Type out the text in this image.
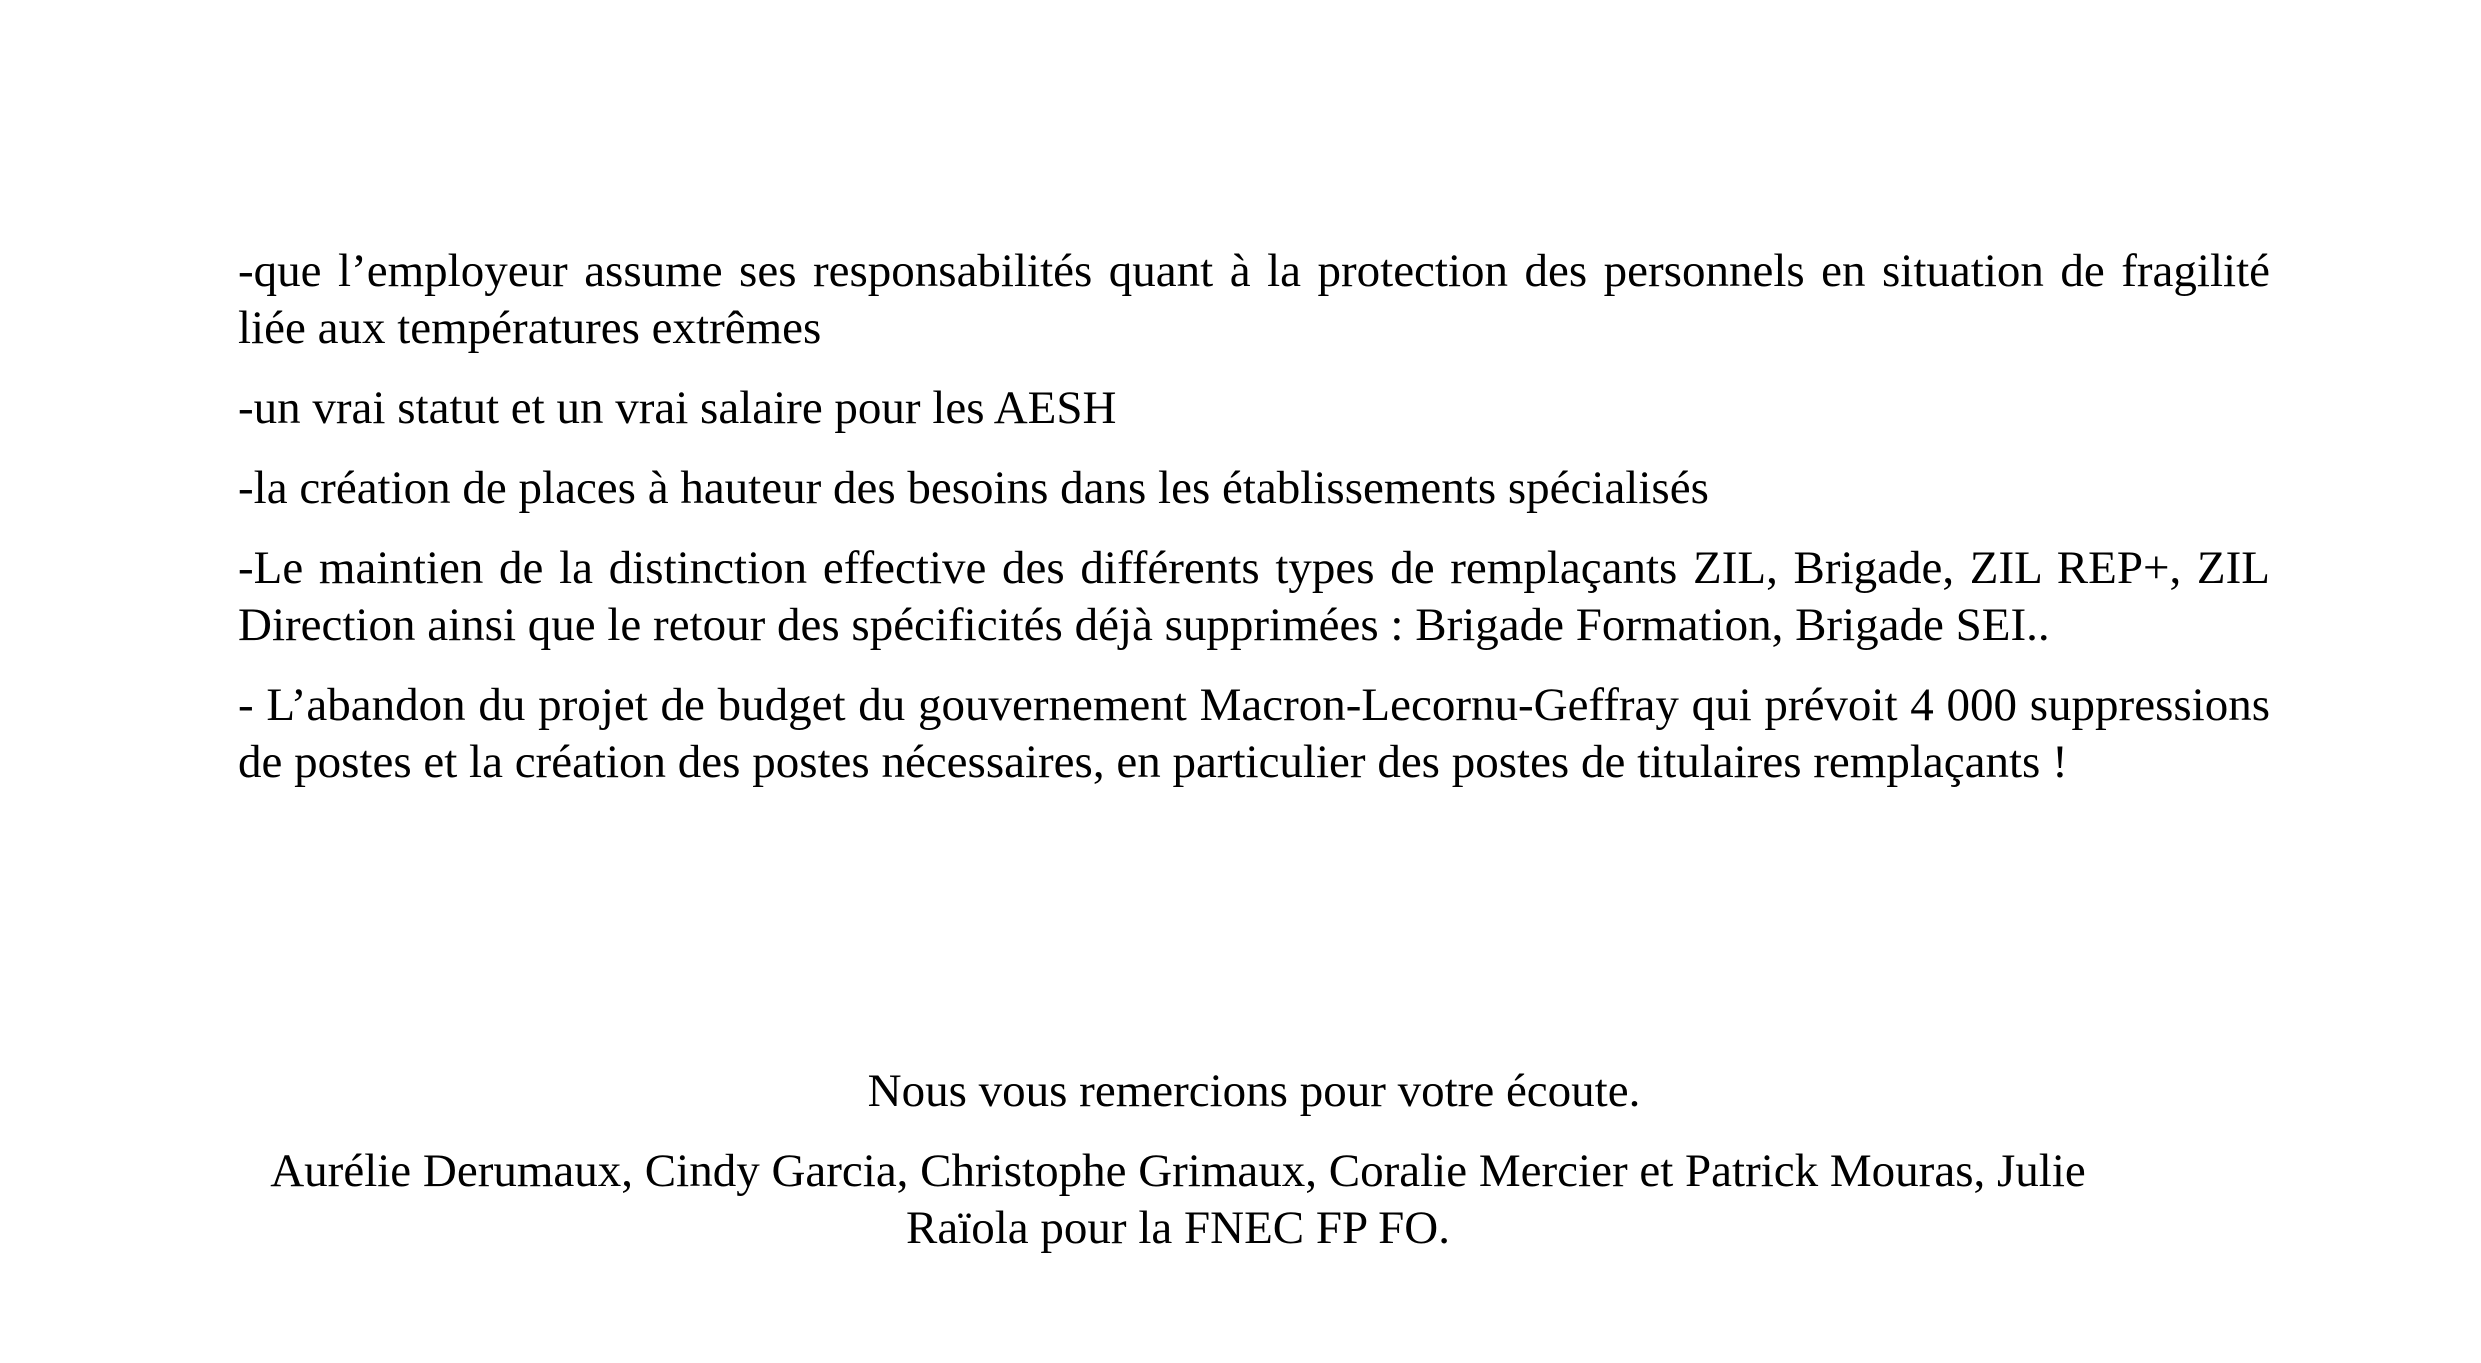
-que l’employeur assume ses responsabilités quant à la protection des personnels en situation de fragilité liée aux températures extrêmes

-un vrai statut et un vrai salaire pour les AESH

-la création de places à hauteur des besoins dans les établissements spécialisés

-Le maintien de la distinction effective des différents types de remplaçants ZIL, Brigade, ZIL REP+, ZIL Direction ainsi que le retour des spécificités déjà supprimées : Brigade Formation, Brigade SEI..

- L’abandon du projet de budget du gouvernement Macron-Lecornu-Geffray qui prévoit 4 000 suppressions de postes et la création des postes nécessaires, en particulier des postes de titulaires remplaçants !

Nous vous remercions pour votre écoute.

Aurélie Derumaux, Cindy Garcia, Christophe Grimaux, Coralie Mercier et Patrick Mouras, Julie Raïola pour la FNEC FP FO.
